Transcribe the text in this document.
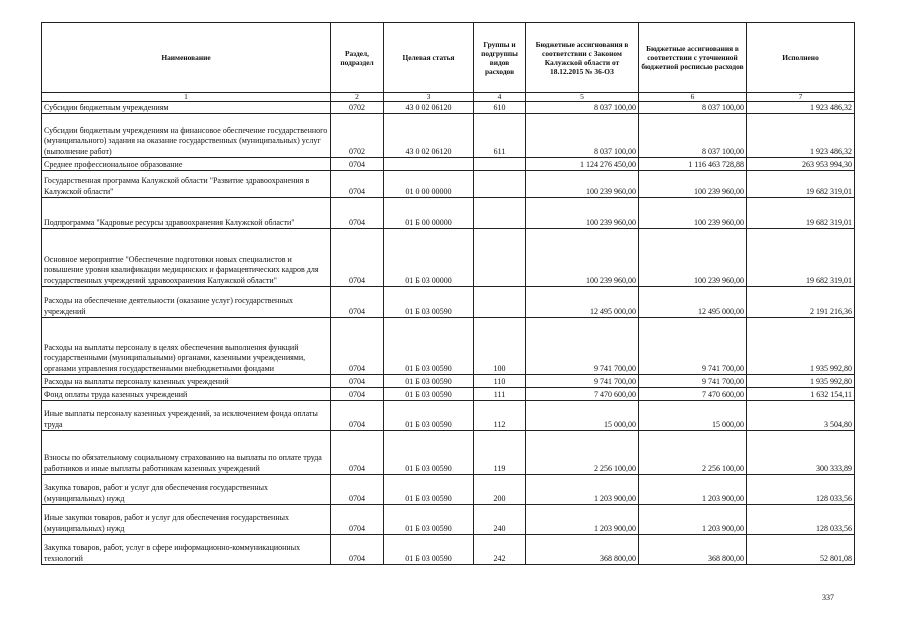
Наименование	Раздел, подраздел	Целевая статья	Группы и подгруппы видов расходов	Бюджетные ассигнования в соответствии с Законом Калужской области от 18.12.2015 № 36-ОЗ	Бюджетные ассигнования в соответствии с уточненной бюджетной росписью расходов	Исполнено
1	2	3	4	5	6	7
Субсидии бюджетным учреждениям	0702	43 0 02 06120	610	8 037 100,00	8 037 100,00	1 923 486,32
Субсидии бюджетным учреждениям на финансовое обеспечение государственного (муниципального) задания на оказание государственных (муниципальных) услуг (выполнение работ)	0702	43 0 02 06120	611	8 037 100,00	8 037 100,00	1 923 486,32
Среднее профессиональное образование	0704			1 124 276 450,00	1 116 463 728,88	263 953 994,30
Государственная программа Калужской области "Развитие здравоохранения в Калужской области"	0704	01 0 00 00000		100 239 960,00	100 239 960,00	19 682 319,01
Подпрограмма "Кадровые ресурсы здравоохранения Калужской области"	0704	01 Б 00 00000		100 239 960,00	100 239 960,00	19 682 319,01
Основное мероприятие "Обеспечение подготовки новых специалистов и повышение уровня квалификации медицинских и фармацевтических кадров для государственных учреждений здравоохранения Калужской области"	0704	01 Б 03 00000		100 239 960,00	100 239 960,00	19 682 319,01
Расходы на обеспечение деятельности (оказание услуг) государственных учреждений	0704	01 Б 03 00590		12 495 000,00	12 495 000,00	2 191 216,36
Расходы на выплаты персоналу в целях обеспечения выполнения функций государственными (муниципальными) органами, казенными учреждениями, органами управления государственными внебюджетными фондами	0704	01 Б 03 00590	100	9 741 700,00	9 741 700,00	1 935 992,80
Расходы на выплаты персоналу казенных учреждений	0704	01 Б 03 00590	110	9 741 700,00	9 741 700,00	1 935 992,80
Фонд оплаты труда казенных учреждений	0704	01 Б 03 00590	111	7 470 600,00	7 470 600,00	1 632 154,11
Иные выплаты персоналу казенных учреждений, за исключением фонда оплаты труда	0704	01 Б 03 00590	112	15 000,00	15 000,00	3 504,80
Взносы по обязательному социальному страхованию на выплаты по оплате труда работников и иные выплаты работникам казенных учреждений	0704	01 Б 03 00590	119	2 256 100,00	2 256 100,00	300 333,89
Закупка товаров, работ и услуг для обеспечения государственных (муниципальных) нужд	0704	01 Б 03 00590	200	1 203 900,00	1 203 900,00	128 033,56
Иные закупки товаров, работ и услуг для обеспечения государственных (муниципальных) нужд	0704	01 Б 03 00590	240	1 203 900,00	1 203 900,00	128 033,56
Закупка товаров, работ, услуг в сфере информационно-коммуникационных технологий	0704	01 Б 03 00590	242	368 800,00	368 800,00	52 801,08
337
